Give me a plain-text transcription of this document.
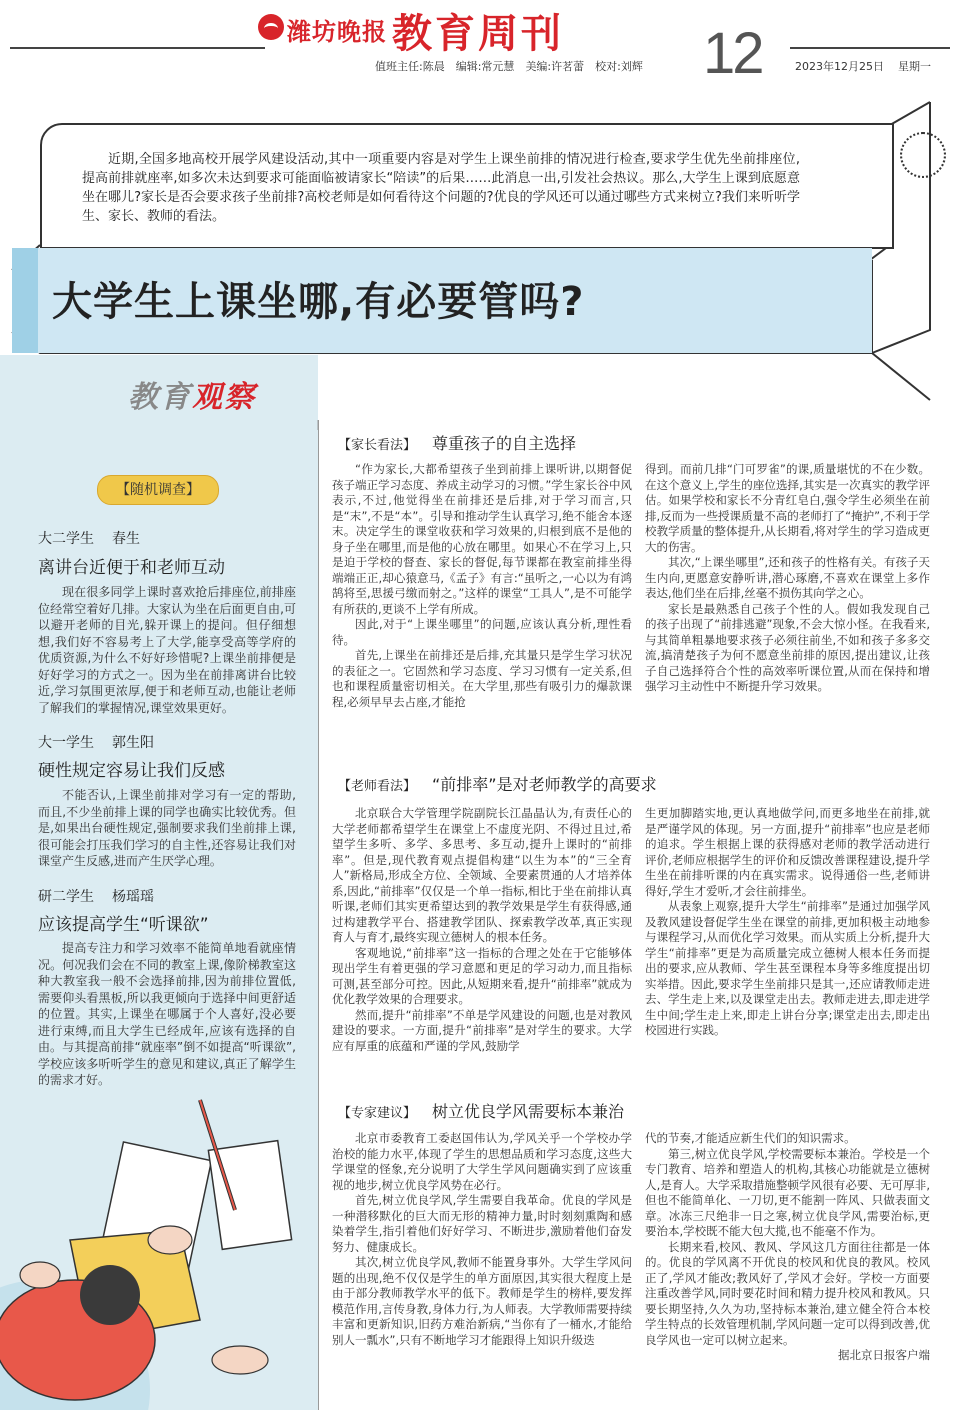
潍坊晚报 教育周刊
值班主任:陈晨 编辑:常元慧 美编:许茗蕾 校对:刘辉 12	2023年12月25日 星期一
近期,全国多地高校开展学风建设活动,其中一项重要内容是对学生上课坐前排的情况进行检查,要求学生优先坐前排座位,提高前排就座率,如多次未达到要求可能面临被请家长“陪读”的后果……此消息一出,引发社会热议。那么,大学生上课到底愿意坐在哪儿?家长是否会要求孩子坐前排?高校老师是如何看待这个问题的?优良的学风还可以通过哪些方式来树立?我们来听听学生、家长、教师的看法。
大学生上课坐哪,有必要管吗?
教育观察
【随机调查】
大二学生 春生
离讲台近便于和老师互动
现在很多同学上课时喜欢抢后排座位,前排座位经常空着好几排。大家认为坐在后面更自由,可以避开老师的目光,躲开课上的提问。但仔细想想,我们好不容易考上了大学,能享受高等学府的优质资源,为什么不好好珍惜呢?上课坐前排便是好好学习的方式之一。因为坐在前排离讲台比较近,学习氛围更浓厚,便于和老师互动,也能让老师了解我们的掌握情况,课堂效果更好。
大一学生 郭生阳
硬性规定容易让我们反感
不能否认,上课坐前排对学习有一定的帮助,而且,不少坐前排上课的同学也确实比较优秀。但是,如果出台硬性规定,强制要求我们坐前排上课,很可能会打压我们学习的自主性,还容易让我们对课堂产生反感,进而产生厌学心理。
研二学生 杨瑶瑶
应该提高学生“听课欲”
提高专注力和学习效率不能简单地看就座情况。何况我们会在不同的教室上课,像阶梯教室这种大教室我一般不会选择前排,因为前排位置低,需要仰头看黑板,所以我更倾向于选择中间更舒适的位置。其实,上课坐在哪属于个人喜好,没必要进行束缚,而且大学生已经成年,应该有选择的自由。与其提高前排“就座率”倒不如提高“听课欲”,学校应该多听听学生的意见和建议,真正了解学生的需求才好。
【家长看法】 尊重孩子的自主选择

“作为家长,大都希望孩子坐到前排上课听讲,以期督促孩子端正学习态度、养成主动学习的习惯。”学生家长谷中风表示,不过,他觉得坐在前排还是后排,对于学习而言,只是“末”,不是“本”。引导和推动学生认真学习,绝不能舍本逐末。决定学生的课堂收获和学习效果的,归根到底不是他的身子坐在哪里,而是他的心放在哪里。如果心不在学习上,只是迫于学校的督查、家长的督促,每节课都在教室前排坐得端端正正,却心猿意马,《孟子》有言:“虽听之,一心以为有鸿鹄将至,思援弓缴而射之。”这样的课堂“工具人”,是不可能学有所获的,更谈不上学有所成。

因此,对于“上课坐哪里”的问题,应该认真分析,理性看待。

首先,上课坐在前排还是后排,充其量只是学生学习状况的表征之一。它固然和学习态度、学习习惯有一定关系,但也和课程质量密切相关。在大学里,那些有吸引力的爆款课程,必须早早去占座,才能抢

得到。而前几排“门可罗雀”的课,质量堪忧的不在少数。在这个意义上,学生的座位选择,其实是一次真实的教学评估。如果学校和家长不分青红皂白,强令学生必须坐在前排,反而为一些授课质量不高的老师打了“掩护”,不利于学校教学质量的整体提升,从长期看,将对学生的学习造成更大的伤害。

其次,“上课坐哪里”,还和孩子的性格有关。有孩子天生内向,更愿意安静听讲,潜心琢磨,不喜欢在课堂上多作表达,他们坐在后排,丝毫不损伤其向学之心。

家长是最熟悉自己孩子个性的人。假如我发现自己的孩子出现了“前排逃避”现象,不会大惊小怪。在我看来,与其简单粗暴地要求孩子必须往前坐,不如和孩子多多交流,搞清楚孩子为何不愿意坐前排的原因,提出建议,让孩子自己选择符合个性的高效率听课位置,从而在保持和增强学习主动性中不断提升学习效果。

【老师看法】 “前排率”是对老师教学的高要求

北京联合大学管理学院副院长江晶晶认为,有责任心的大学老师都希望学生在课堂上不虚度光阴、不得过且过,希望学生多听、多学、多思考、多互动,提升上课时的“前排率”。但是,现代教育观点提倡构建“以生为本”的“三全育人”新格局,形成全方位、全领域、全要素贯通的人才培养体系,因此,“前排率”仅仅是一个单一指标,相比于坐在前排认真听课,老师们其实更希望达到的教学效果是学生有获得感,通过构建教学平台、搭建教学团队、探索教学改革,真正实现育人与育才,最终实现立德树人的根本任务。

客观地说,“前排率”这一指标的合理之处在于它能够体现出学生有着更强的学习意愿和更足的学习动力,而且指标可测,甚至部分可控。因此,从短期来看,提升“前排率”就成为优化教学效果的合理要求。

然而,提升“前排率”不单是学风建设的问题,也是对教风建设的要求。一方面,提升“前排率”是对学生的要求。大学应有厚重的底蕴和严谨的学风,鼓励学

生更加脚踏实地,更认真地做学问,而更多地坐在前排,就是严谨学风的体现。另一方面,提升“前排率”也应是老师的追求。学生根据上课的获得感对老师的教学活动进行评价,老师应根据学生的评价和反馈改善课程建设,提升学生坐在前排听课的内在真实需求。说得通俗一些,老师讲得好,学生才爱听,才会往前排坐。

从表象上观察,提升大学生“前排率”是通过加强学风及教风建设督促学生坐在课堂的前排,更加积极主动地参与课程学习,从而优化学习效果。而从实质上分析,提升大学生“前排率”更是为高质量完成立德树人根本任务而提出的要求,应从教师、学生甚至课程本身等多维度提出切实举措。因此,要求学生坐前排只是其一,还应请教师走进去、学生走上来,以及课堂走出去。教师走进去,即走进学生中间;学生走上来,即走上讲台分享;课堂走出去,即走出校园进行实践。

【专家建议】 树立优良学风需要标本兼治

北京市委教育工委赵国伟认为,学风关乎一个学校办学治校的能力水平,体现了学生的思想品质和学习态度,这些大学课堂的怪象,充分说明了大学生学风问题确实到了应该重视的地步,树立优良学风势在必行。

首先,树立优良学风,学生需要自我革命。优良的学风是一种潜移默化的巨大而无形的精神力量,时时刻刻熏陶和感染着学生,指引着他们好好学习、不断进步,激励着他们奋发努力、健康成长。

其次,树立优良学风,教师不能置身事外。大学生学风问题的出现,绝不仅仅是学生的单方面原因,其实很大程度上是由于部分教师教学水平的低下。教师是学生的榜样,要发挥模范作用,言传身教,身体力行,为人师表。大学教师需要持续丰富和更新知识,旧药方难治新病,“当你有了一桶水,才能给别人一瓢水”,只有不断地学习才能跟得上知识升级迭

代的节奏,才能适应新生代们的知识需求。

第三,树立优良学风,学校需要标本兼治。学校是一个专门教育、培养和塑造人的机构,其核心功能就是立德树人,是育人。大学采取措施整顿学风很有必要、无可厚非,但也不能简单化、一刀切,更不能割一阵风、只做表面文章。冰冻三尺绝非一日之寒,树立优良学风,需要治标,更要治本,学校既不能大包大揽,也不能毫不作为。

长期来看,校风、教风、学风这几方面往往都是一体的。优良的学风离不开优良的校风和优良的教风。校风正了,学风才能改;教风好了,学风才会好。学校一方面要注重改善学风,同时要花时间和精力提升校风和教风。只要长期坚持,久久为功,坚持标本兼治,建立健全符合本校学生特点的长效管理机制,学风问题一定可以得到改善,优良学风也一定可以树立起来。

据北京日报客户端
